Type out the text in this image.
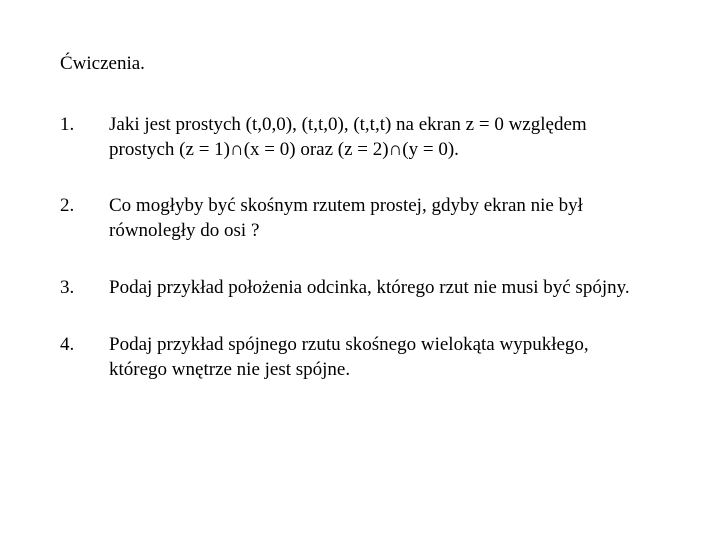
Ćwiczenia.
1.	Jaki jest prostych (t,0,0), (t,t,0), (t,t,t) na ekran z = 0 względem
prostych (z = 1)∩(x = 0) oraz (z = 2)∩(y = 0).
2.	Co mogłyby być skośnym rzutem prostej, gdyby ekran nie był
równoległy do osi ?
3.	Podaj przykład położenia odcinka, którego rzut nie musi być spójny.
4.	Podaj przykład spójnego rzutu skośnego wielokąta wypukłego,
którego wnętrze nie jest spójne.
